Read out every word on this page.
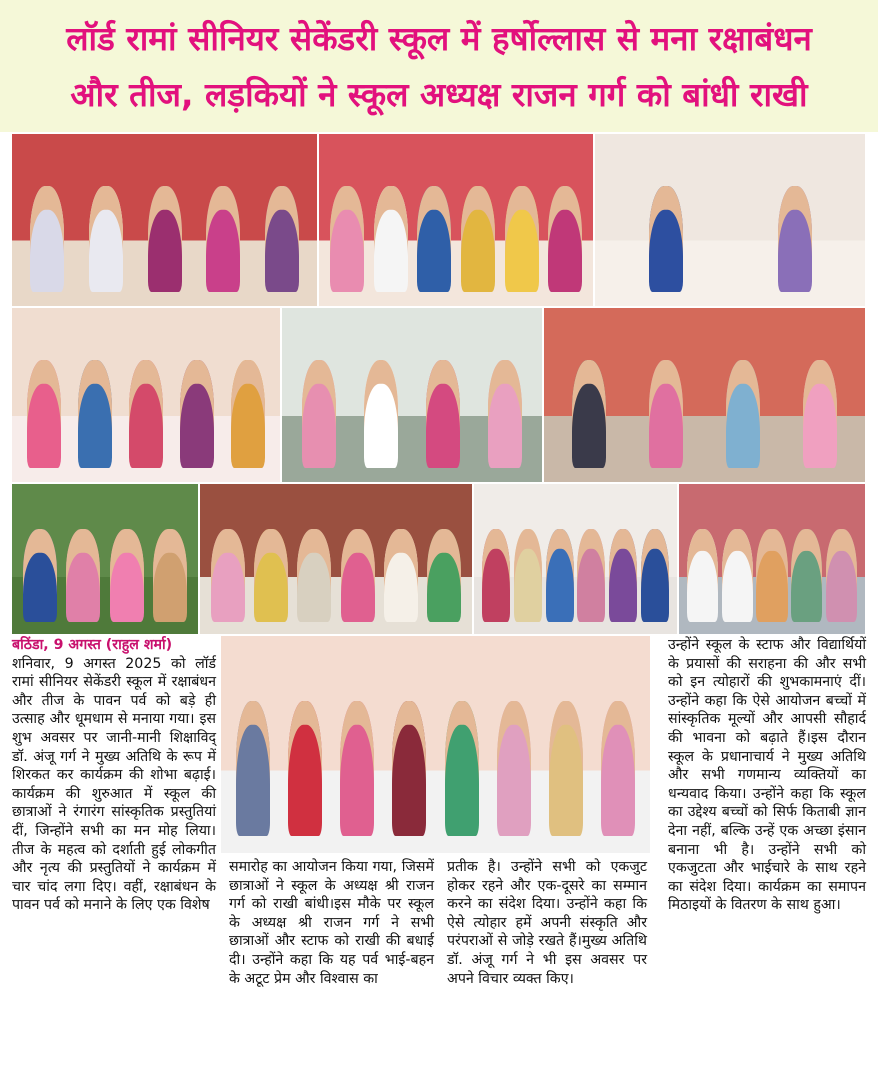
लॉर्ड रामां सीनियर सेकेंडरी स्कूल में हर्षोल्लास से मना रक्षाबंधन
और तीज, लड़कियों ने स्कूल अध्यक्ष राजन गर्ग को बांधी राखी

बठिंडा, 9 अगस्त (राहुल शर्मा)
शनिवार, 9 अगस्त 2025 को लॉर्ड रामां सीनियर सेकेंडरी स्कूल में रक्षाबंधन और तीज के पावन पर्व को बड़े ही उत्साह और धूमधाम से मनाया गया। इस शुभ अवसर पर जानी-मानी शिक्षाविद् डॉ. अंजू गर्ग ने मुख्य अतिथि के रूप में शिरकत कर कार्यक्रम की शोभा बढ़ाई।कार्यक्रम की शुरुआत में स्कूल की छात्राओं ने रंगारंग सांस्कृतिक प्रस्तुतियां दीं, जिन्होंने सभी का मन मोह लिया। तीज के महत्व को दर्शाती हुई लोकगीत और नृत्य की प्रस्तुतियों ने कार्यक्रम में चार चांद लगा दिए। वहीं, रक्षाबंधन के पावन पर्व को मनाने के लिए एक विशेष

समारोह का आयोजन किया गया, जिसमें छात्राओं ने स्कूल के अध्यक्ष श्री राजन गर्ग को राखी बांधी।इस मौके पर स्कूल के अध्यक्ष श्री राजन गर्ग ने सभी छात्राओं और स्टाफ को राखी की बधाई दी। उन्होंने कहा कि यह पर्व भाई-बहन के अटूट प्रेम और विश्वास का

प्रतीक है। उन्होंने सभी को एकजुट होकर रहने और एक-दूसरे का सम्मान करने का संदेश दिया। उन्होंने कहा कि ऐसे त्योहार हमें अपनी संस्कृति और परंपराओं से जोड़े रखते हैं।मुख्य अतिथि डॉ. अंजू गर्ग ने भी इस अवसर पर अपने विचार व्यक्त किए।

उन्होंने स्कूल के स्टाफ और विद्यार्थियों के प्रयासों की सराहना की और सभी को इन त्योहारों की शुभकामनाएं दीं। उन्होंने कहा कि ऐसे आयोजन बच्चों में सांस्कृतिक मूल्यों और आपसी सौहार्द की भावना को बढ़ाते हैं।इस दौरान स्कूल के प्रधानाचार्य ने मुख्य अतिथि और सभी गणमान्य व्यक्तियों का धन्यवाद किया। उन्होंने कहा कि स्कूल का उद्देश्य बच्चों को सिर्फ किताबी ज्ञान देना नहीं, बल्कि उन्हें एक अच्छा इंसान बनाना भी है। उन्होंने सभी को एकजुटता और भाईचारे के साथ रहने का संदेश दिया। कार्यक्रम का समापन मिठाइयों के वितरण के साथ हुआ।
